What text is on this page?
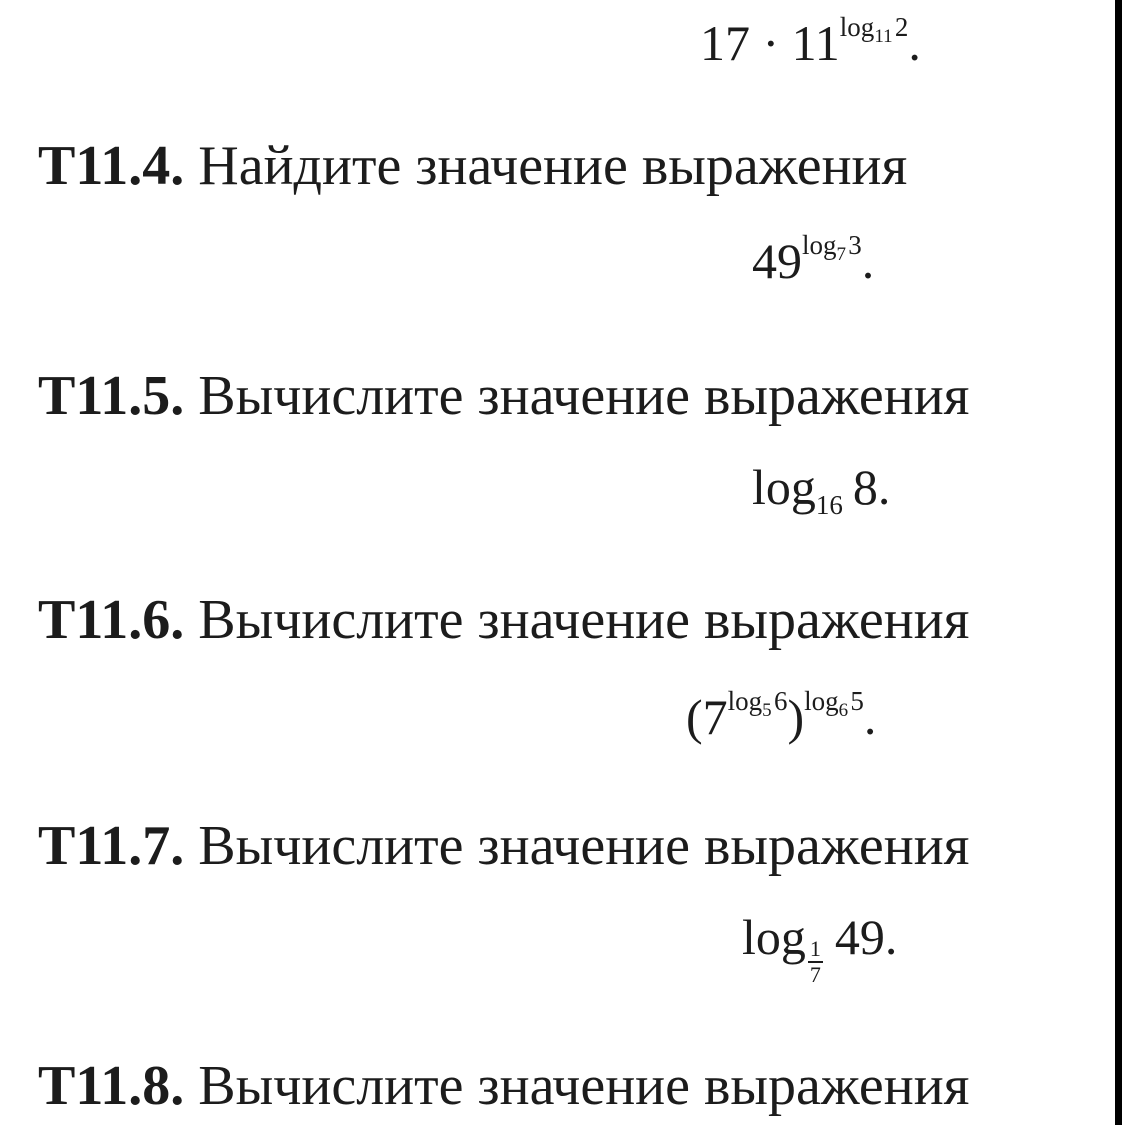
$17 \cdot 11^{log_{11} 2}$.
T11.4. Найдите значение выражения
$49^{log_7 3}$.
T11.5. Вычислите значение выражения
$\log_{16} 8$.
T11.6. Вычислите значение выражения
$(7^{log_5 6})^{log_6 5}$.
T11.7. Вычислите значение выражения
$\log \frac{1}{7}$
  49.
T11.8. Вычислите значение выражения
